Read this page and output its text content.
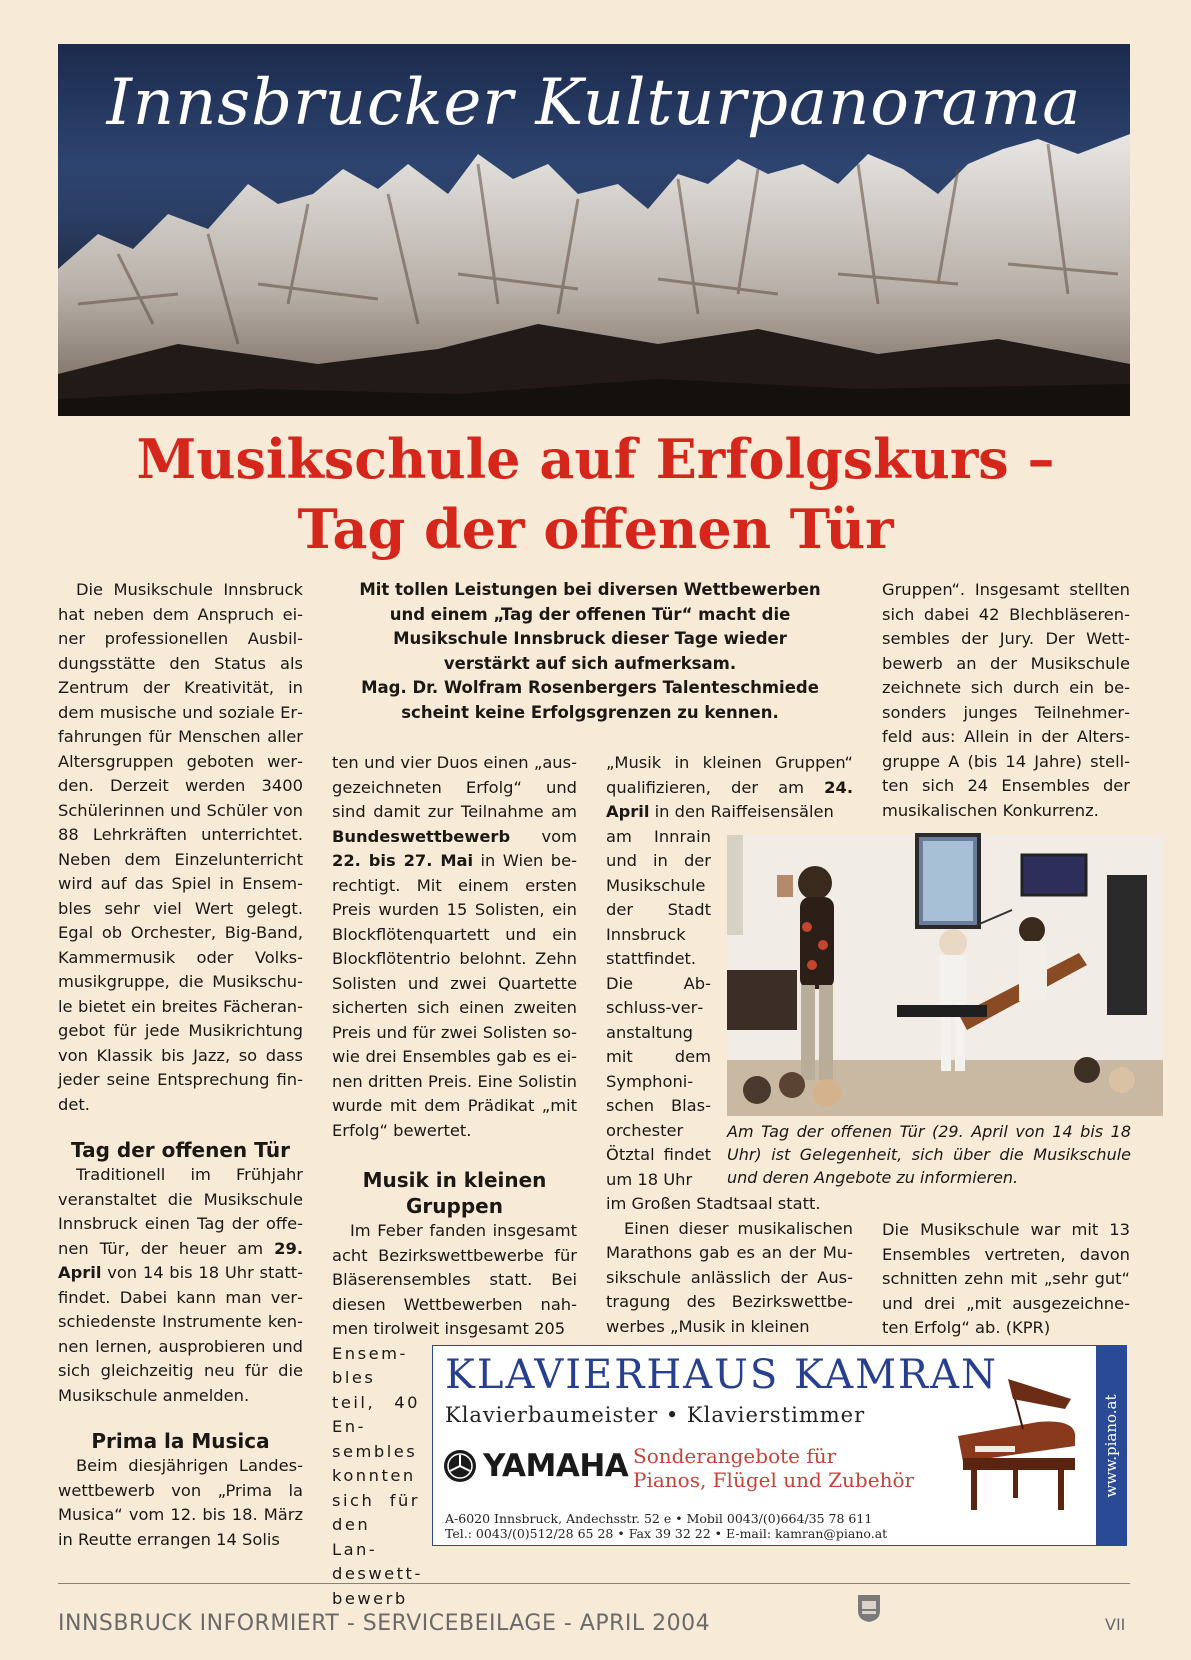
Innsbrucker Kulturpanorama
Musikschule auf Erfolgskurs –
Tag der offenen Tür

Mit tollen Leistungen bei diversen Wettbewerben

und einem „Tag der offenen Tür“ macht die

Musikschule Innsbruck dieser Tage wieder

verstärkt auf sich aufmerksam.

Mag. Dr. Wolfram Rosenbergers Talenteschmiede

scheint keine Erfolgsgrenzen zu kennen.

Die Musikschule Innsbruck hat neben dem Anspruch einer professionellen Ausbildungsstätte den Status als Zentrum der Kreativität, in dem musische und soziale Erfahrungen für Menschen aller Altersgruppen geboten werden. Derzeit werden 3400 Schülerinnen und Schüler von 88 Lehrkräften unterrichtet. Neben dem Einzelunterricht wird auf das Spiel in Ensembles sehr viel Wert gelegt. Egal ob Orchester, Big-Band, Kammermusik oder Volksmusikgruppe, die Musikschule bietet ein breites Fächerangebot für jede Musikrichtung von Klassik bis Jazz, so dass jeder seine Entsprechung findet.

Tag der offenen Tür

Traditionell im Frühjahr veranstaltet die Musikschule Innsbruck einen Tag der offenen Tür, der heuer am 29. April von 14 bis 18 Uhr stattfindet. Dabei kann man verschiedenste Instrumente kennen lernen, ausprobieren und sich gleichzeitig neu für die Musikschule anmelden.

Prima la Musica

Beim diesjährigen Landeswettbewerb von „Prima la Musica“ vom 12. bis 18. März in Reutte errangen 14 Solis

ten und vier Duos einen „ausgezeichneten Erfolg“ und sind damit zur Teilnahme am Bundeswettbewerb vom 22. bis 27. Mai in Wien berechtigt. Mit einem ersten Preis wurden 15 Solisten, ein Blockflötenquartett und ein Blockflötentrio belohnt. Zehn Solisten und zwei Quartette sicherten sich einen zweiten Preis und für zwei Solisten sowie drei Ensembles gab es einen dritten Preis. Eine Solistin wurde mit dem Prädikat „mit Erfolg“ bewertet.

Musik in kleinen Gruppen

Im Feber fanden insgesamt acht Bezirkswettbewerbe für Bläserensembles statt. Bei diesen Wettbewerben nahmen tirolweit insgesamt 205

Ensembles teil, 40 Ensembles konnten sich für den Landeswettbewerb

„Musik in kleinen Gruppen“ qualifizieren, der am 24. April in den Raiffeisensälen

am Innrain und in der Musikschule der Stadt Innsbruck stattfindet. Die Abschluss-veranstaltung mit dem Symphonischen Blasorchester Ötztal findet um 18 Uhr

im Großen Stadtsaal statt.

Einen dieser musikalischen Marathons gab es an der Musikschule anlässlich der Austragung des Bezirkswettbewerbes „Musik in kleinen

Gruppen“. Insgesamt stellten sich dabei 42 Blechbläserensembles der Jury. Der Wettbewerb an der Musikschule zeichnete sich durch ein besonders junges Teilnehmerfeld aus: Allein in der Altersgruppe A (bis 14 Jahre) stellten sich 24 Ensembles der musikalischen Konkurrenz.

Die Musikschule war mit 13 Ensembles vertreten, davon schnitten zehn mit „sehr gut“ und drei „mit ausgezeichneten Erfolg“ ab. (KPR)

Am Tag der offenen Tür (29. April von 14 bis 18 Uhr) ist Gelegenheit, sich über die Musikschule und deren Angebote zu informieren.
KLAVIERHAUS KAMRAN
Klavierbaumeister • Klavierstimmer
YAMAHA Sonderangebote für
Pianos, Flügel und Zubehör
A-6020 Innsbruck, Andechsstr. 52 e • Mobil 0043/(0)664/35 78 611
Tel.: 0043/(0)512/28 65 28 • Fax 39 32 22 • E-mail: kamran@piano.at
www.piano.at
INNSBRUCK INFORMIERT - SERVICEBEILAGE - APRIL 2004	VII
